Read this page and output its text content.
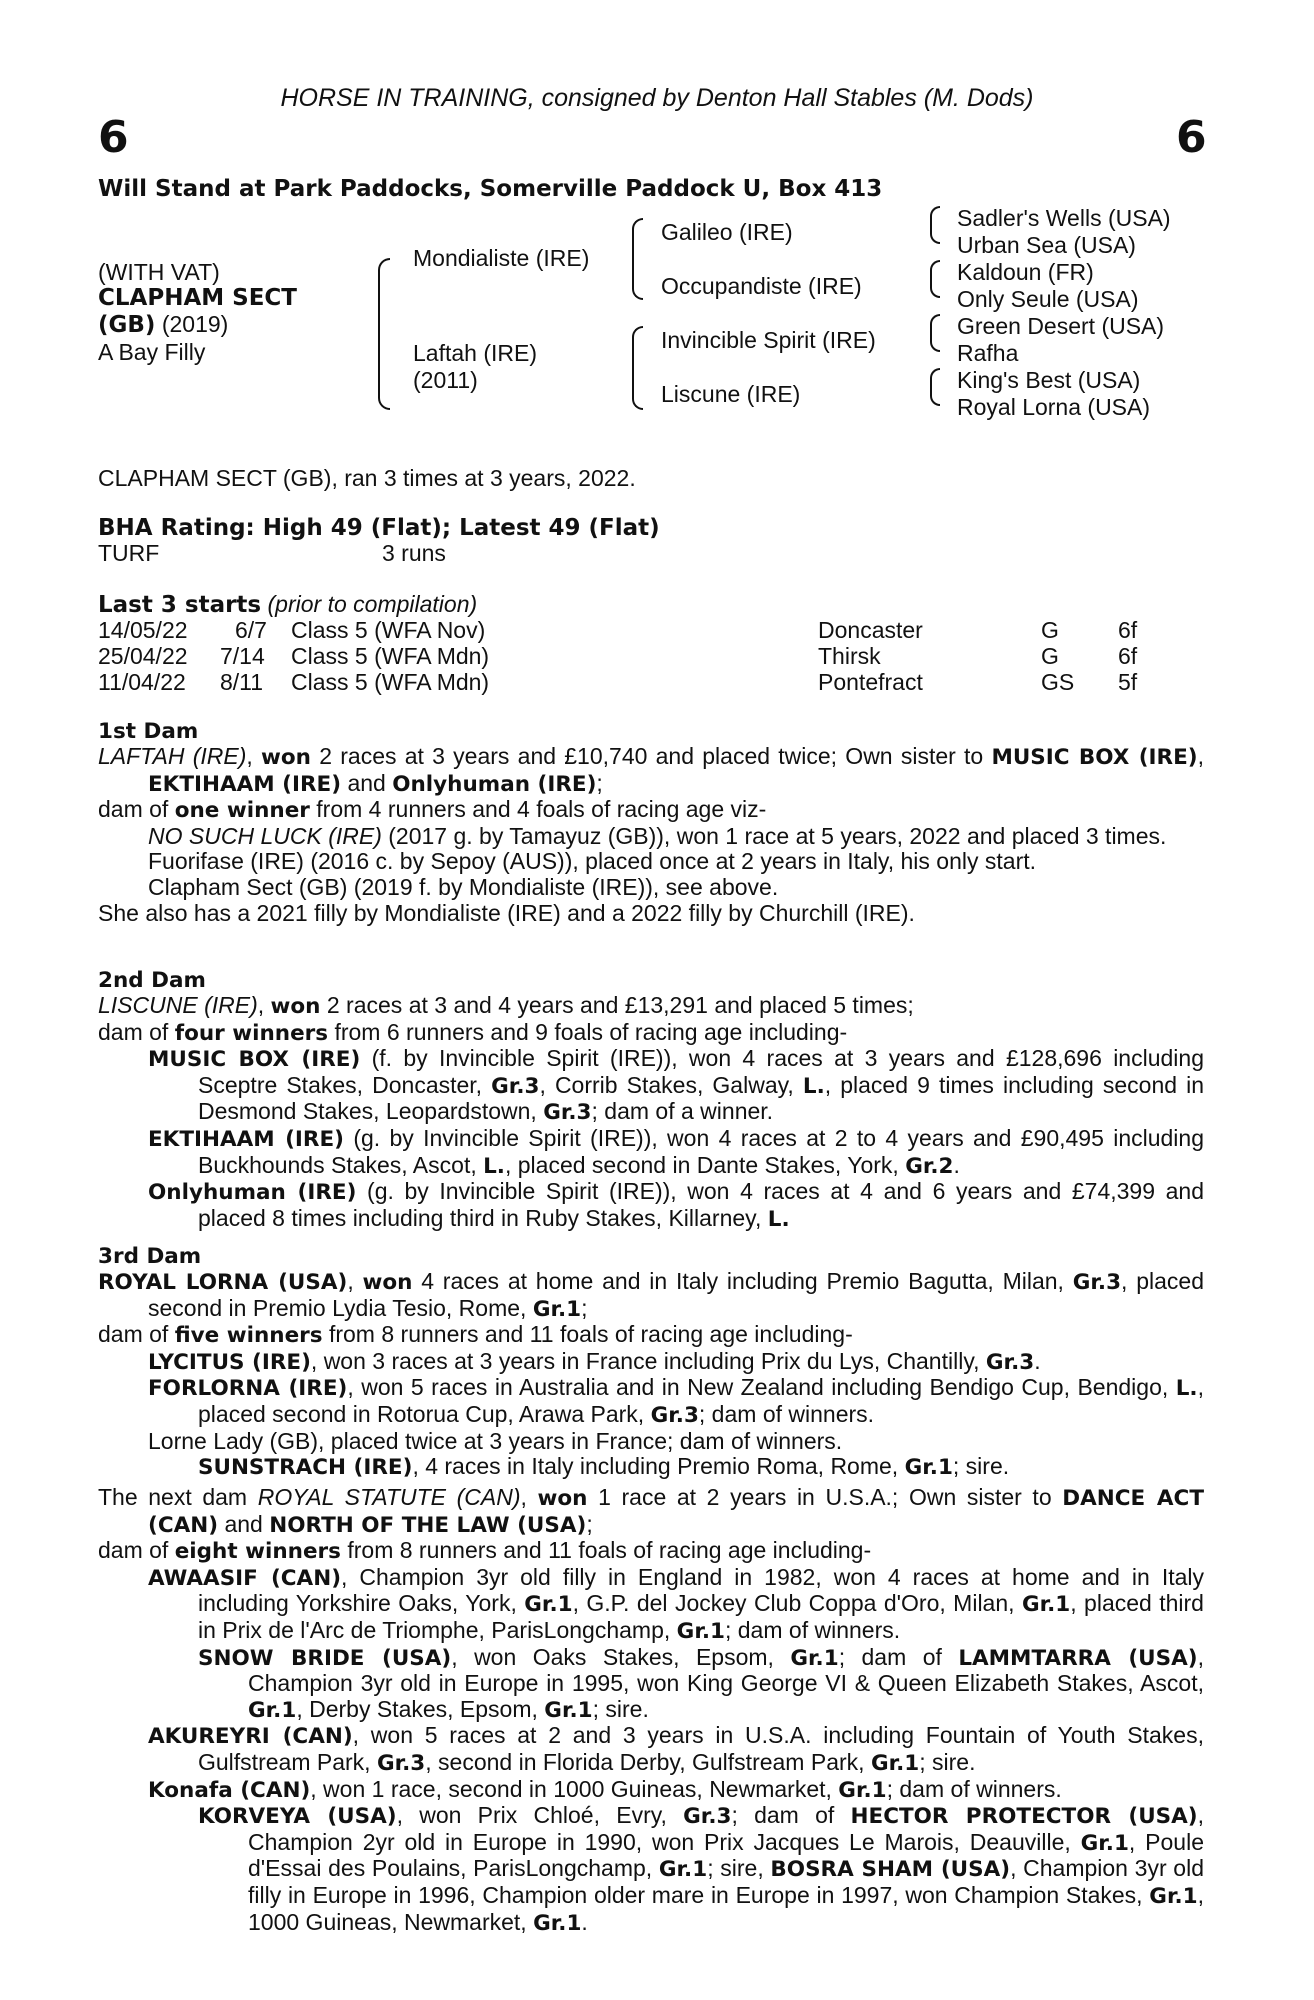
HORSE IN TRAINING, consigned by Denton Hall Stables (M. Dods)
6	6
Will Stand at Park Paddocks, Somerville Paddock U, Box 413
(WITH VAT)
CLAPHAM SECT
(GB) (2019)
A Bay Filly
Mondialiste (IRE)
Laftah (IRE)
(2011)
Galileo (IRE)
Occupandiste (IRE)
Invincible Spirit (IRE)
Liscune (IRE)
Sadler's Wells (USA)
Urban Sea (USA)
Kaldoun (FR)
Only Seule (USA)
Green Desert (USA)
Rafha
King's Best (USA)
Royal Lorna (USA)
CLAPHAM SECT (GB), ran 3 times at 3 years, 2022.
BHA Rating: High 49 (Flat); Latest 49 (Flat)
TURF	3 runs
Last 3 starts (prior to compilation)
14/05/22 6/7 Class 5 (WFA Nov)	Doncaster	G	6f
25/04/22 7/14 Class 5 (WFA Mdn)	Thirsk	G	6f
11/04/22 8/11 Class 5 (WFA Mdn)	Pontefract	GS 5f
1st Dam

LAFTAH (IRE), won 2 races at 3 years and £10,740 and placed twice; Own sister to MUSIC BOX (IRE), EKTIHAAM (IRE) and Onlyhuman (IRE);

dam of one winner from 4 runners and 4 foals of racing age viz-

NO SUCH LUCK (IRE) (2017 g. by Tamayuz (GB)), won 1 race at 5 years, 2022 and placed 3 times.

Fuorifase (IRE) (2016 c. by Sepoy (AUS)), placed once at 2 years in Italy, his only start.

Clapham Sect (GB) (2019 f. by Mondialiste (IRE)), see above.

She also has a 2021 filly by Mondialiste (IRE) and a 2022 filly by Churchill (IRE).

2nd Dam

LISCUNE (IRE), won 2 races at 3 and 4 years and £13,291 and placed 5 times;

dam of four winners from 6 runners and 9 foals of racing age including-

MUSIC BOX (IRE) (f. by Invincible Spirit (IRE)), won 4 races at 3 years and £128,696 including Sceptre Stakes, Doncaster, Gr.3, Corrib Stakes, Galway, L., placed 9 times including second in Desmond Stakes, Leopardstown, Gr.3; dam of a winner.

EKTIHAAM (IRE) (g. by Invincible Spirit (IRE)), won 4 races at 2 to 4 years and £90,495 including Buckhounds Stakes, Ascot, L., placed second in Dante Stakes, York, Gr.2.

Onlyhuman (IRE) (g. by Invincible Spirit (IRE)), won 4 races at 4 and 6 years and £74,399 and placed 8 times including third in Ruby Stakes, Killarney, L.

3rd Dam

ROYAL LORNA (USA), won 4 races at home and in Italy including Premio Bagutta, Milan, Gr.3, placed second in Premio Lydia Tesio, Rome, Gr.1;

dam of five winners from 8 runners and 11 foals of racing age including-

LYCITUS (IRE), won 3 races at 3 years in France including Prix du Lys, Chantilly, Gr.3.

FORLORNA (IRE), won 5 races in Australia and in New Zealand including Bendigo Cup, Bendigo, L., placed second in Rotorua Cup, Arawa Park, Gr.3; dam of winners.

Lorne Lady (GB), placed twice at 3 years in France; dam of winners.

SUNSTRACH (IRE), 4 races in Italy including Premio Roma, Rome, Gr.1; sire.

The next dam ROYAL STATUTE (CAN), won 1 race at 2 years in U.S.A.; Own sister to DANCE ACT (CAN) and NORTH OF THE LAW (USA);

dam of eight winners from 8 runners and 11 foals of racing age including-

AWAASIF (CAN), Champion 3yr old filly in England in 1982, won 4 races at home and in Italy including Yorkshire Oaks, York, Gr.1, G.P. del Jockey Club Coppa d'Oro, Milan, Gr.1, placed third in Prix de l'Arc de Triomphe, ParisLongchamp, Gr.1; dam of winners.

SNOW BRIDE (USA), won Oaks Stakes, Epsom, Gr.1; dam of LAMMTARRA (USA), Champion 3yr old in Europe in 1995, won King George VI & Queen Elizabeth Stakes, Ascot, Gr.1, Derby Stakes, Epsom, Gr.1; sire.

AKUREYRI (CAN), won 5 races at 2 and 3 years in U.S.A. including Fountain of Youth Stakes, Gulfstream Park, Gr.3, second in Florida Derby, Gulfstream Park, Gr.1; sire.

Konafa (CAN), won 1 race, second in 1000 Guineas, Newmarket, Gr.1; dam of winners.

KORVEYA (USA), won Prix Chloé, Evry, Gr.3; dam of HECTOR PROTECTOR (USA), Champion 2yr old in Europe in 1990, won Prix Jacques Le Marois, Deauville, Gr.1, Poule d'Essai des Poulains, ParisLongchamp, Gr.1; sire, BOSRA SHAM (USA), Champion 3yr old filly in Europe in 1996, Champion older mare in Europe in 1997, won Champion Stakes, Gr.1, 1000 Guineas, Newmarket, Gr.1.
